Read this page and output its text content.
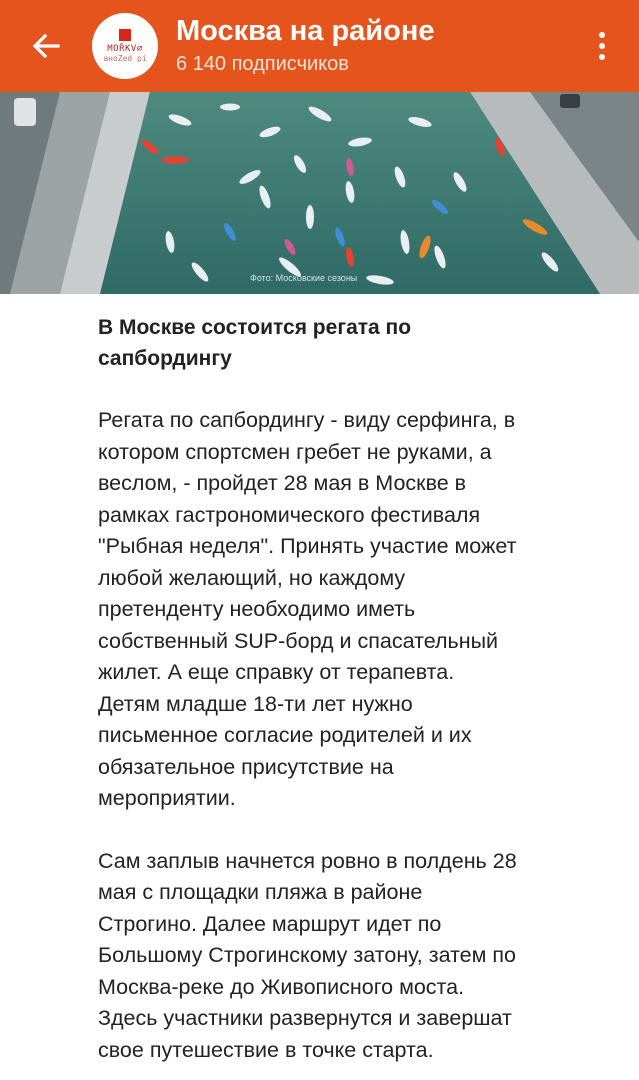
MOŘKV∅
аноZed рі
Москва на районе
6 140 подписчиков
Фото: Московские сезоны
В Москве состоится регата по
сапбордингу
Регата по сапбордингу - виду серфинга, в
котором спортсмен гребет не руками, а
веслом, - пройдет 28 мая в Москве в
рамках гастрономического фестиваля
"Рыбная неделя". Принять участие может
любой желающий, но каждому
претенденту необходимо иметь
собственный SUP-борд и спасательный
жилет. А еще справку от терапевта.
Детям младше 18-ти лет нужно
письменное согласие родителей и их
обязательное присутствие на
мероприятии.
Сам заплыв начнется ровно в полдень 28
мая с площадки пляжа в районе
Строгино. Далее маршрут идет по
Большому Строгинскому затону, затем по
Москва-реке до Живописного моста.
Здесь участники развернутся и завершат
свое путешествие в точке старта.
